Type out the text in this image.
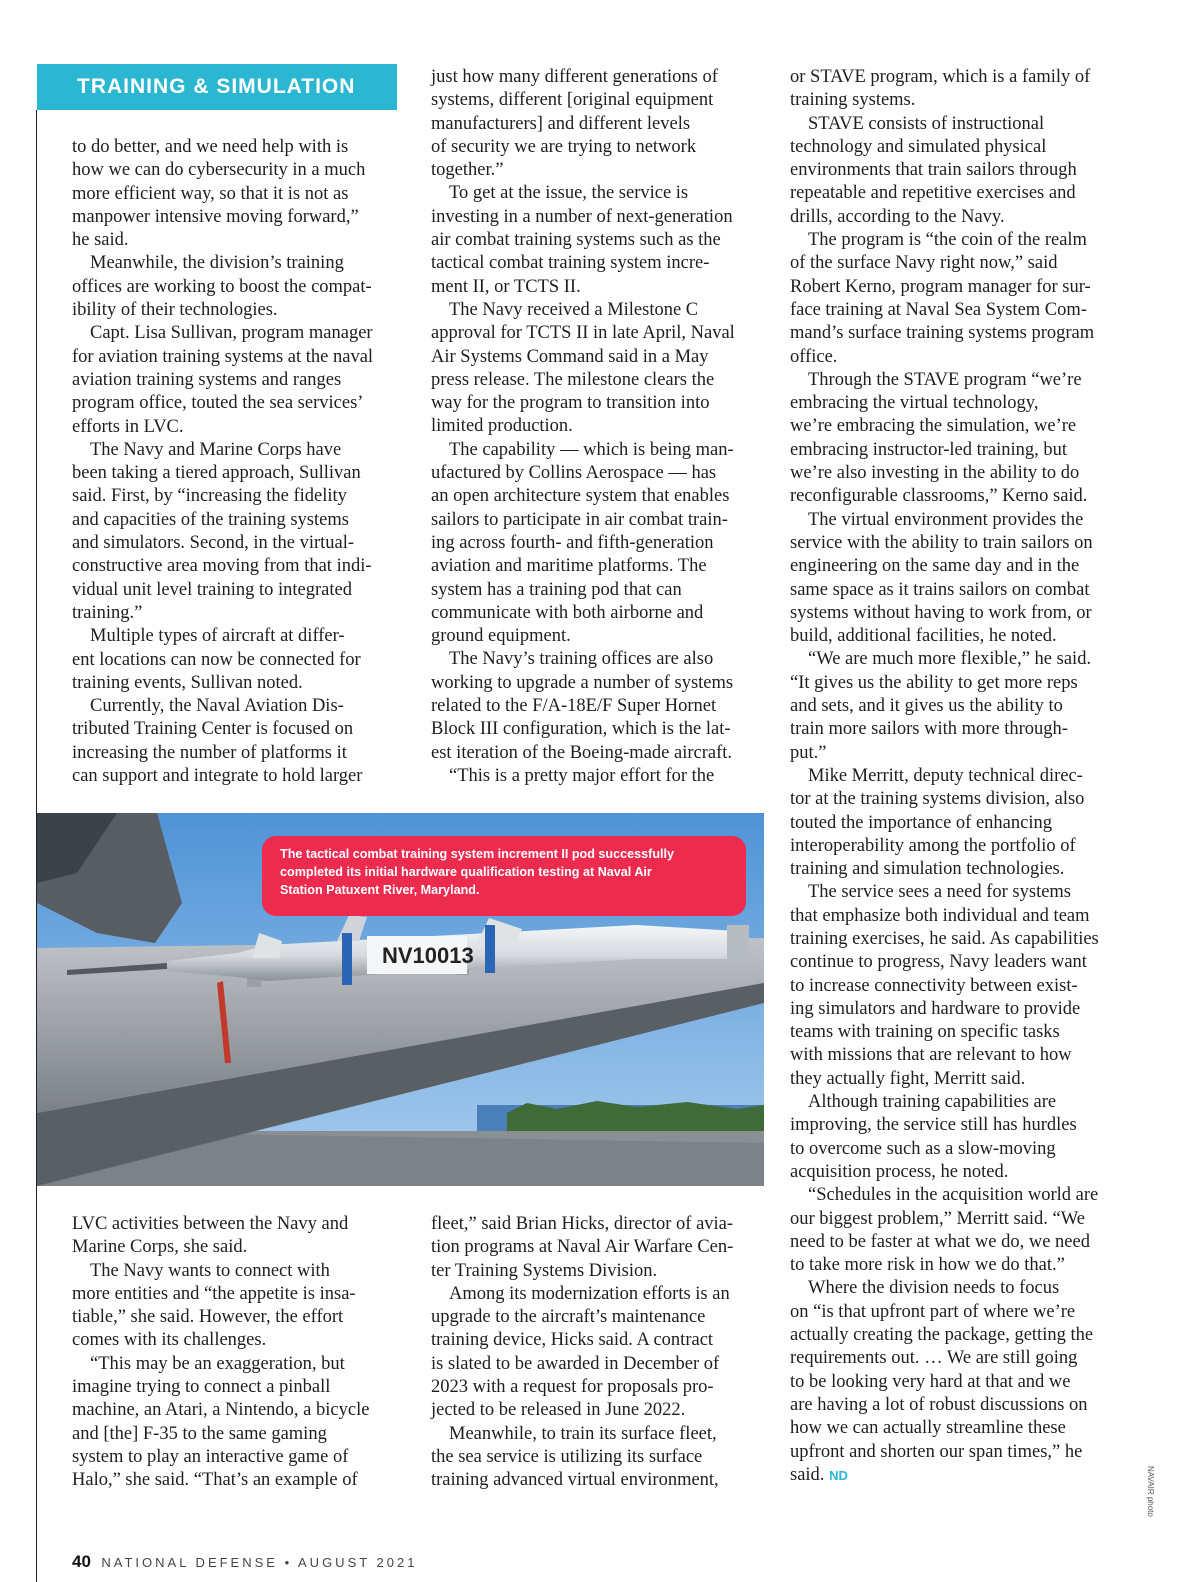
TRAINING & SIMULATION

to do better, and we need help with is

how we can do cybersecurity in a much

more efficient way, so that it is not as

manpower intensive moving forward,”

he said.

Meanwhile, the division’s training

offices are working to boost the compat-

ibility of their technologies.

Capt. Lisa Sullivan, program manager

for aviation training systems at the naval

aviation training systems and ranges

program office, touted the sea services’

efforts in LVC.

The Navy and Marine Corps have

been taking a tiered approach, Sullivan

said. First, by “increasing the fidelity

and capacities of the training systems

and simulators. Second, in the virtual-

constructive area moving from that indi-

vidual unit level training to integrated

training.”

Multiple types of aircraft at differ-

ent locations can now be connected for

training events, Sullivan noted.

Currently, the Naval Aviation Dis-

tributed Training Center is focused on

increasing the number of platforms it

can support and integrate to hold larger

just how many different generations of

systems, different [original equipment

manufacturers] and different levels

of security we are trying to network

together.”

To get at the issue, the service is

investing in a number of next-generation

air combat training systems such as the

tactical combat training system incre-

ment II, or TCTS II.

The Navy received a Milestone C

approval for TCTS II in late April, Naval

Air Systems Command said in a May

press release. The milestone clears the

way for the program to transition into

limited production.

The capability — which is being man-

ufactured by Collins Aerospace — has

an open architecture system that enables

sailors to participate in air combat train-

ing across fourth- and fifth-generation

aviation and maritime platforms. The

system has a training pod that can

communicate with both airborne and

ground equipment.

The Navy’s training offices are also

working to upgrade a number of systems

related to the F/A-18E/F Super Hornet

Block III configuration, which is the lat-

est iteration of the Boeing-made aircraft.

“This is a pretty major effort for the

or STAVE program, which is a family of

training systems.

STAVE consists of instructional

technology and simulated physical

environments that train sailors through

repeatable and repetitive exercises and

drills, according to the Navy.

The program is “the coin of the realm

of the surface Navy right now,” said

Robert Kerno, program manager for sur-

face training at Naval Sea System Com-

mand’s surface training systems program

office.

Through the STAVE program “we’re

embracing the virtual technology,

we’re embracing the simulation, we’re

embracing instructor-led training, but

we’re also investing in the ability to do

reconfigurable classrooms,” Kerno said.

The virtual environment provides the

service with the ability to train sailors on

engineering on the same day and in the

same space as it trains sailors on combat

systems without having to work from, or

build, additional facilities, he noted.

“We are much more flexible,” he said.

“It gives us the ability to get more reps

and sets, and it gives us the ability to

train more sailors with more through-

put.”

Mike Merritt, deputy technical direc-

tor at the training systems division, also

touted the importance of enhancing

interoperability among the portfolio of

training and simulation technologies.

The service sees a need for systems

that emphasize both individual and team

training exercises, he said. As capabilities

continue to progress, Navy leaders want

to increase connectivity between exist-

ing simulators and hardware to provide

teams with training on specific tasks

with missions that are relevant to how

they actually fight, Merritt said.

Although training capabilities are

improving, the service still has hurdles

to overcome such as a slow-moving

acquisition process, he noted.

“Schedules in the acquisition world are

our biggest problem,” Merritt said. “We

need to be faster at what we do, we need

to take more risk in how we do that.”

Where the division needs to focus

on “is that upfront part of where we’re

actually creating the package, getting the

requirements out. … We are still going

to be looking very hard at that and we

are having a lot of robust discussions on

how we can actually streamline these

upfront and shorten our span times,” he

said. ND

NV10013
The tactical combat training system increment II pod successfully
completed its initial hardware qualification testing at Naval Air
Station Patuxent River, Maryland.

LVC activities between the Navy and

Marine Corps, she said.

The Navy wants to connect with

more entities and “the appetite is insa-

tiable,” she said. However, the effort

comes with its challenges.

“This may be an exaggeration, but

imagine trying to connect a pinball

machine, an Atari, a Nintendo, a bicycle

and [the] F-35 to the same gaming

system to play an interactive game of

Halo,” she said. “That’s an example of

fleet,” said Brian Hicks, director of avia-

tion programs at Naval Air Warfare Cen-

ter Training Systems Division.

Among its modernization efforts is an

upgrade to the aircraft’s maintenance

training device, Hicks said. A contract

is slated to be awarded in December of

2023 with a request for proposals pro-

jected to be released in June 2022.

Meanwhile, to train its surface fleet,

the sea service is utilizing its surface

training advanced virtual environment,	NAVAIR photo
40 NATIONAL DEFENSE • AUGUST 2021
